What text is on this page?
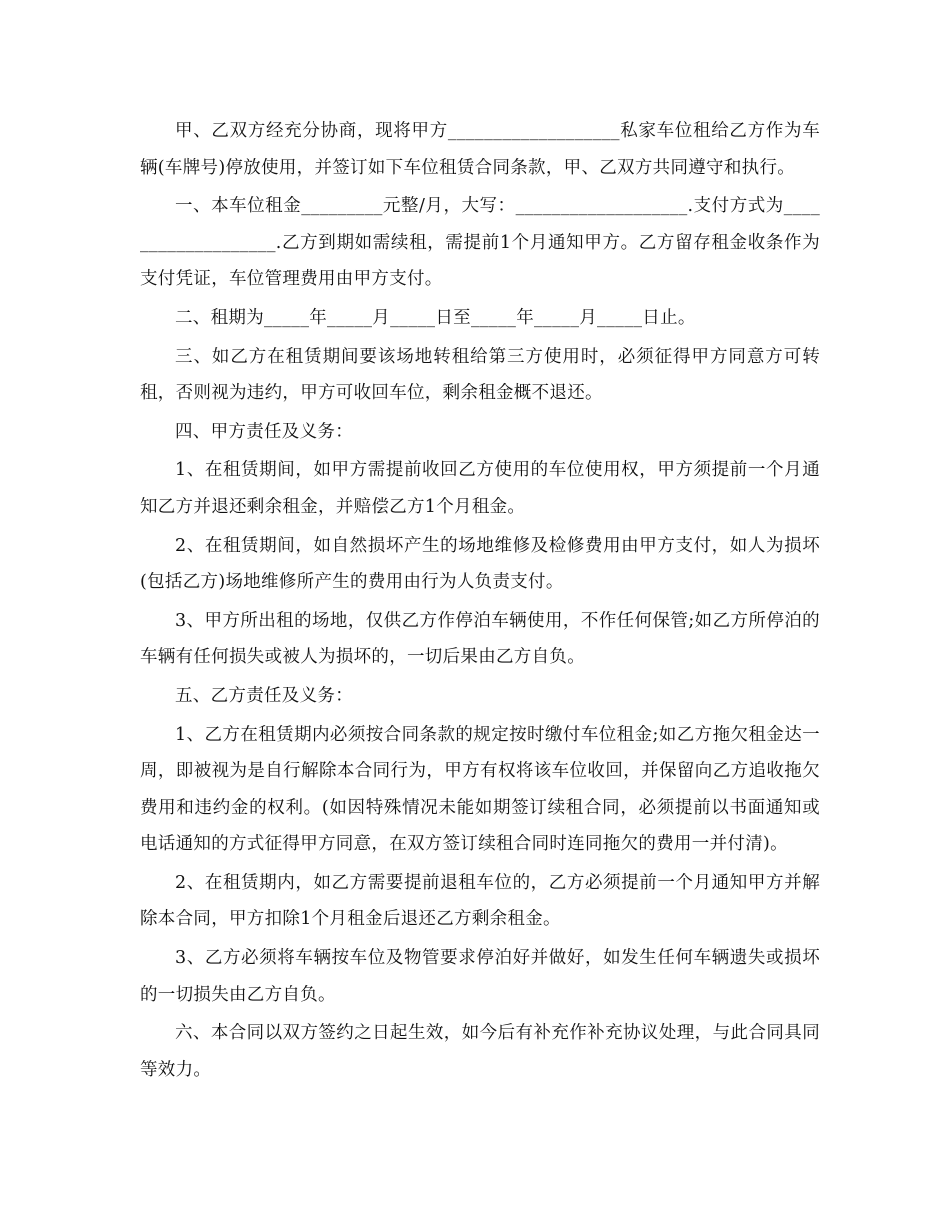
甲、乙双方经充分协商，现将甲方___________________私家车位租给乙方作为车辆(车牌号)停放使用，并签订如下车位租赁合同条款，甲、乙双方共同遵守和执行。

一、本车位租金_________元整/月，大写：___________________.支付方式为___________________.乙方到期如需续租，需提前1个月通知甲方。乙方留存租金收条作为支付凭证，车位管理费用由甲方支付。

二、租期为_____年_____月_____日至_____年_____月_____日止。

三、如乙方在租赁期间要该场地转租给第三方使用时，必须征得甲方同意方可转租，否则视为违约，甲方可收回车位，剩余租金概不退还。

四、甲方责任及义务：

1、在租赁期间，如甲方需提前收回乙方使用的车位使用权，甲方须提前一个月通知乙方并退还剩余租金，并赔偿乙方1个月租金。

2、在租赁期间，如自然损坏产生的场地维修及检修费用由甲方支付，如人为损坏(包括乙方)场地维修所产生的费用由行为人负责支付。

3、甲方所出租的场地，仅供乙方作停泊车辆使用，不作任何保管;如乙方所停泊的车辆有任何损失或被人为损坏的，一切后果由乙方自负。

五、乙方责任及义务：

1、乙方在租赁期内必须按合同条款的规定按时缴付车位租金;如乙方拖欠租金达一周，即被视为是自行解除本合同行为，甲方有权将该车位收回，并保留向乙方追收拖欠费用和违约金的权利。(如因特殊情况未能如期签订续租合同，必须提前以书面通知或电话通知的方式征得甲方同意，在双方签订续租合同时连同拖欠的费用一并付清)。

2、在租赁期内，如乙方需要提前退租车位的，乙方必须提前一个月通知甲方并解除本合同，甲方扣除1个月租金后退还乙方剩余租金。

3、乙方必须将车辆按车位及物管要求停泊好并做好，如发生任何车辆遗失或损坏的一切损失由乙方自负。

六、本合同以双方签约之日起生效，如今后有补充作补充协议处理，与此合同具同等效力。
